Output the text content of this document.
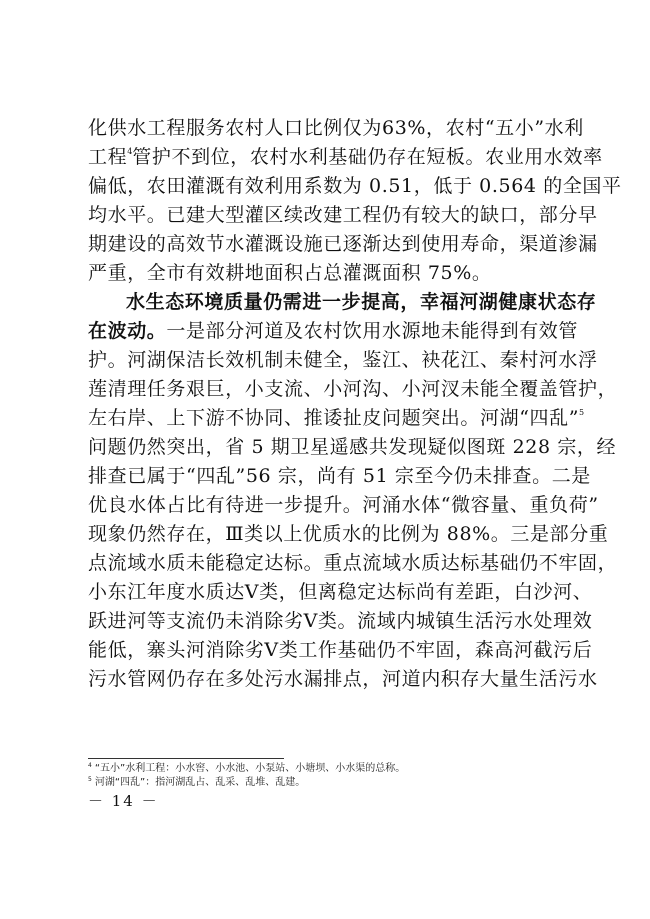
化供水工程服务农村人口比例仅为63%，农村“五小”水利
工程$^4$管护不到位，农村水利基础仍存在短板。农业用水效率
偏低，农田灌溉有效利用系数为 0.51，低于 0.564 的全国平
均水平。已建大型灌区续改建工程仍有较大的缺口，部分早
期建设的高效节水灌溉设施已逐渐达到使用寿命，渠道渗漏
严重，全市有效耕地面积占总灌溉面积 75%。
水生态环境质量仍需进一步提高，幸福河湖健康状态存
在波动。一是部分河道及农村饮用水源地未能得到有效管
护。河湖保洁长效机制未健全，鉴江、袂花江、秦村河水浮
莲清理任务艰巨，小支流、小河沟、小河汊未能全覆盖管护，
左右岸、上下游不协同、推诿扯皮问题突出。河湖“四乱”$^5$
问题仍然突出，省 5 期卫星遥感共发现疑似图斑 228 宗，经
排查已属于“四乱”56 宗，尚有 51 宗至今仍未排查。二是
优良水体占比有待进一步提升。河涌水体“微容量、重负荷”
现象仍然存在，Ⅲ类以上优质水的比例为 88%。三是部分重
点流域水质未能稳定达标。重点流域水质达标基础仍不牢固，
小东江年度水质达Ⅴ类，但离稳定达标尚有差距，白沙河、
跃进河等支流仍未消除劣Ⅴ类。流域内城镇生活污水处理效
能低，寨头河消除劣Ⅴ类工作基础仍不牢固，森高河截污后
污水管网仍存在多处污水漏排点，河道内积存大量生活污水
$^4$ “五小”水利工程：小水窖、小水池、小泵站、小塘坝、小水渠的总称。
$^5$ 河湖“四乱”：指河湖乱占、乱采、乱堆、乱建。
－ 14 －
